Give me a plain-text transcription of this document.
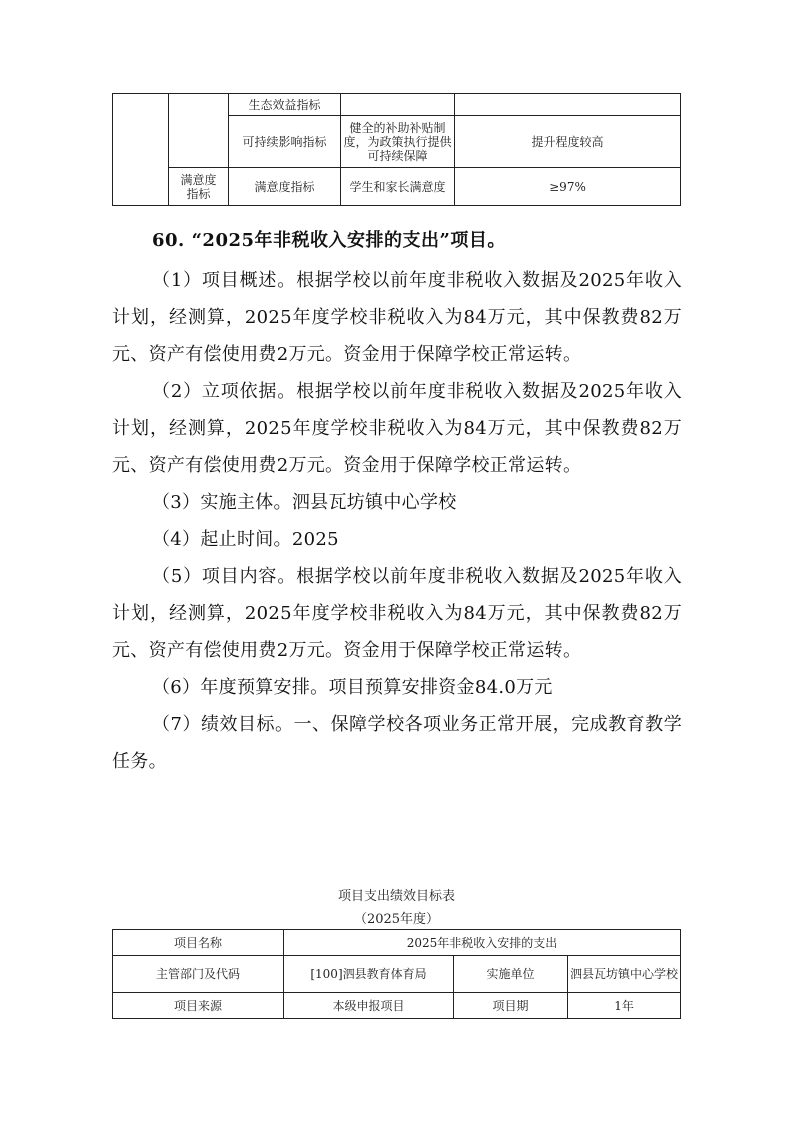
		生态效益指标		
		可持续影响指标	健全的补助补贴制度，为政策执行提供可持续保障	提升程度较高
	满意度指标	满意度指标	学生和家长满意度	≥97%
60. “2025年非税收入安排的支出”项目。

（1）项目概述。根据学校以前年度非税收入数据及2025年收入计划，经测算，2025年度学校非税收入为84万元，其中保教费82万元、资产有偿使用费2万元。资金用于保障学校正常运转。

（2）立项依据。根据学校以前年度非税收入数据及2025年收入计划，经测算，2025年度学校非税收入为84万元，其中保教费82万元、资产有偿使用费2万元。资金用于保障学校正常运转。

（3）实施主体。泗县瓦坊镇中心学校

（4）起止时间。2025

（5）项目内容。根据学校以前年度非税收入数据及2025年收入计划，经测算，2025年度学校非税收入为84万元，其中保教费82万元、资产有偿使用费2万元。资金用于保障学校正常运转。

（6）年度预算安排。项目预算安排资金84.0万元

（7）绩效目标。一、保障学校各项业务正常开展，完成教育教学任务。

项目支出绩效目标表
（2025年度）
项目名称	2025年非税收入安排的支出		
主管部门及代码	[100]泗县教育体育局	实施单位	泗县瓦坊镇中心学校
项目来源	本级申报项目	项目期	1年
